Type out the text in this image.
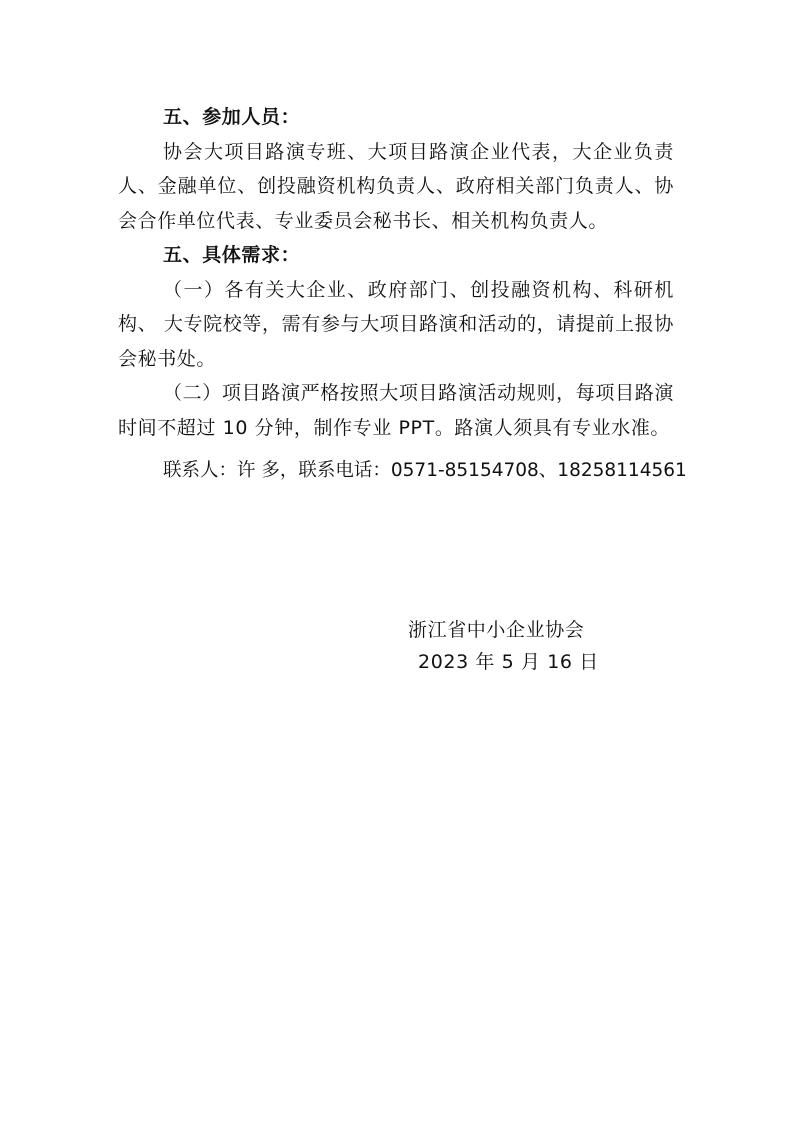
五、参加人员：

协会大项目路演专班、大项目路演企业代表，大企业负责人、金融单位、创投融资机构负责人、政府相关部门负责人、协会合作单位代表、专业委员会秘书长、相关机构负责人。

五、具体需求：

（一）各有关大企业、政府部门、创投融资机构、科研机构、 大专院校等，需有参与大项目路演和活动的，请提前上报协会秘书处。

（二）项目路演严格按照大项目路演活动规则，每项目路演时间不超过 10 分钟，制作专业 PPT。路演人须具有专业水准。

联系人：许 多，联系电话：0571-85154708、18258114561

浙江省中小企业协会

2023 年 5 月 16 日
